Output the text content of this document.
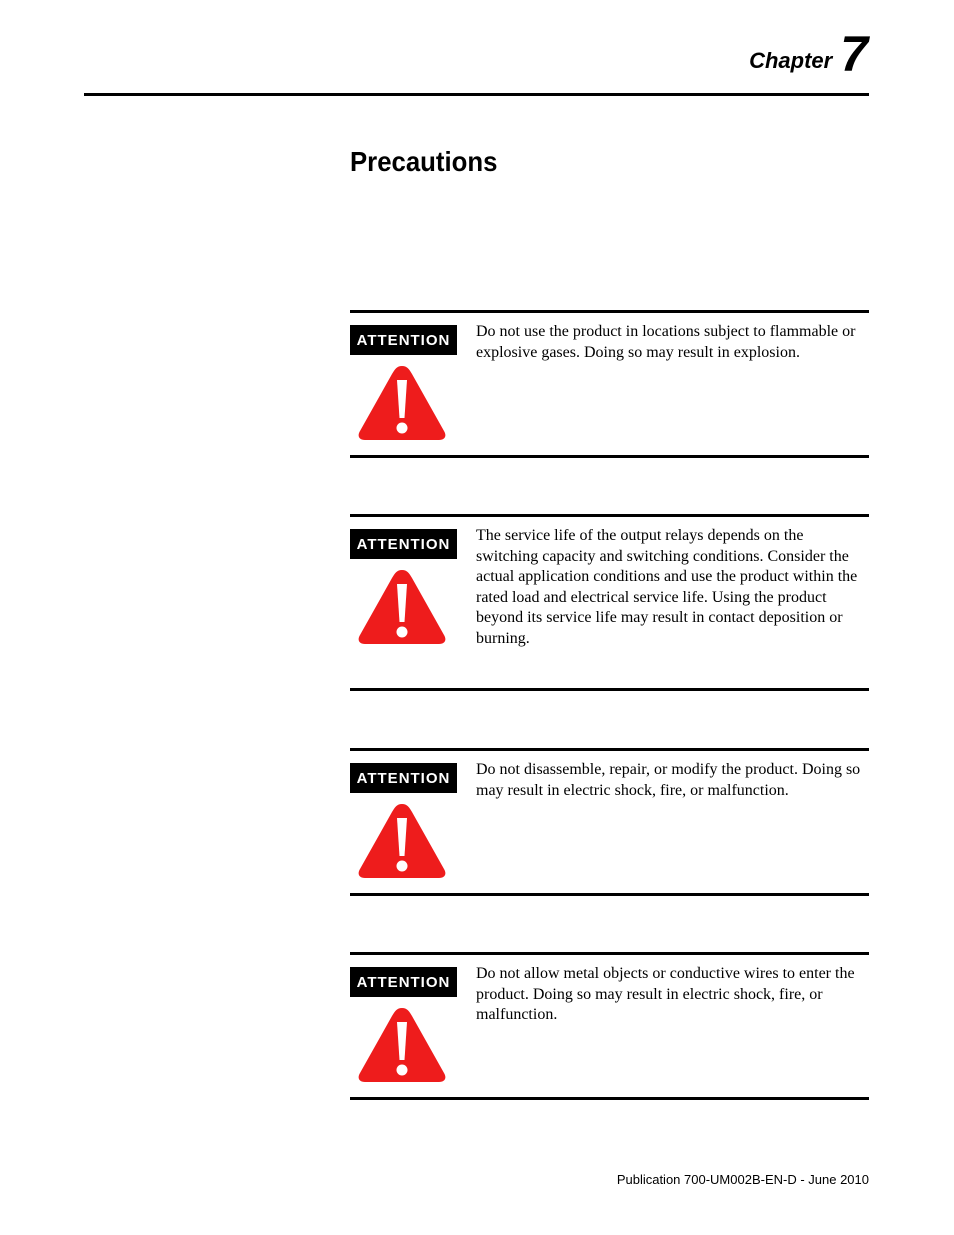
Chapter 7
Precautions
ATTENTION	Do not use the product in locations subject to flammable or explosive gases. Doing so may result in explosion.

ATTENTION	The service life of the output relays depends on the switching capacity and switching conditions. Consider the actual application conditions and use the product within the rated load and electrical service life. Using the product beyond its service life may result in contact deposition or burning.

ATTENTION	Do not disassemble, repair, or modify the product. Doing so may result in electric shock, fire, or malfunction.

ATTENTION	Do not allow metal objects or conductive wires to enter the product. Doing so may result in electric shock, fire, or malfunction.

Publication 700-UM002B-EN-D - June 2010
